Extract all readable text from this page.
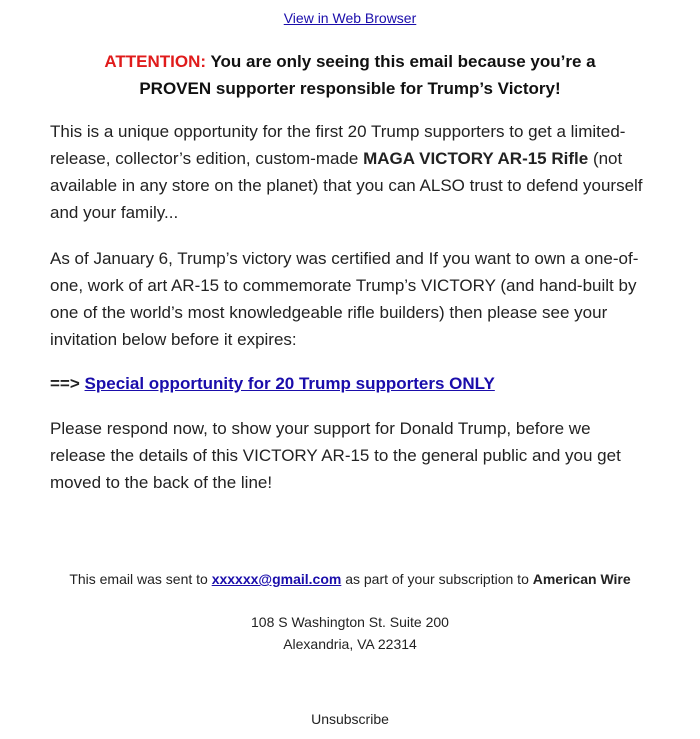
View in Web Browser
ATTENTION: You are only seeing this email because you’re a
PROVEN supporter responsible for Trump’s Victory!

This is a unique opportunity for the first 20 Trump supporters to get a limited-release, collector’s edition, custom-made MAGA VICTORY AR-15 Rifle (not available in any store on the planet) that you can ALSO trust to defend yourself and your family...

As of January 6, Trump’s victory was certified and If you want to own a one-of-one, work of art AR-15 to commemorate Trump’s VICTORY (and hand-built by one of the world’s most knowledgeable rifle builders) then please see your invitation below before it expires:

==> Special opportunity for 20 Trump supporters ONLY

Please respond now, to show your support for Donald Trump, before we release the details of this VICTORY AR-15 to the general public and you get moved to the back of the line!

This email was sent to xxxxxx@gmail.com as part of your subscription to American Wire
108 S Washington St. Suite 200
Alexandria, VA 22314
Unsubscribe
